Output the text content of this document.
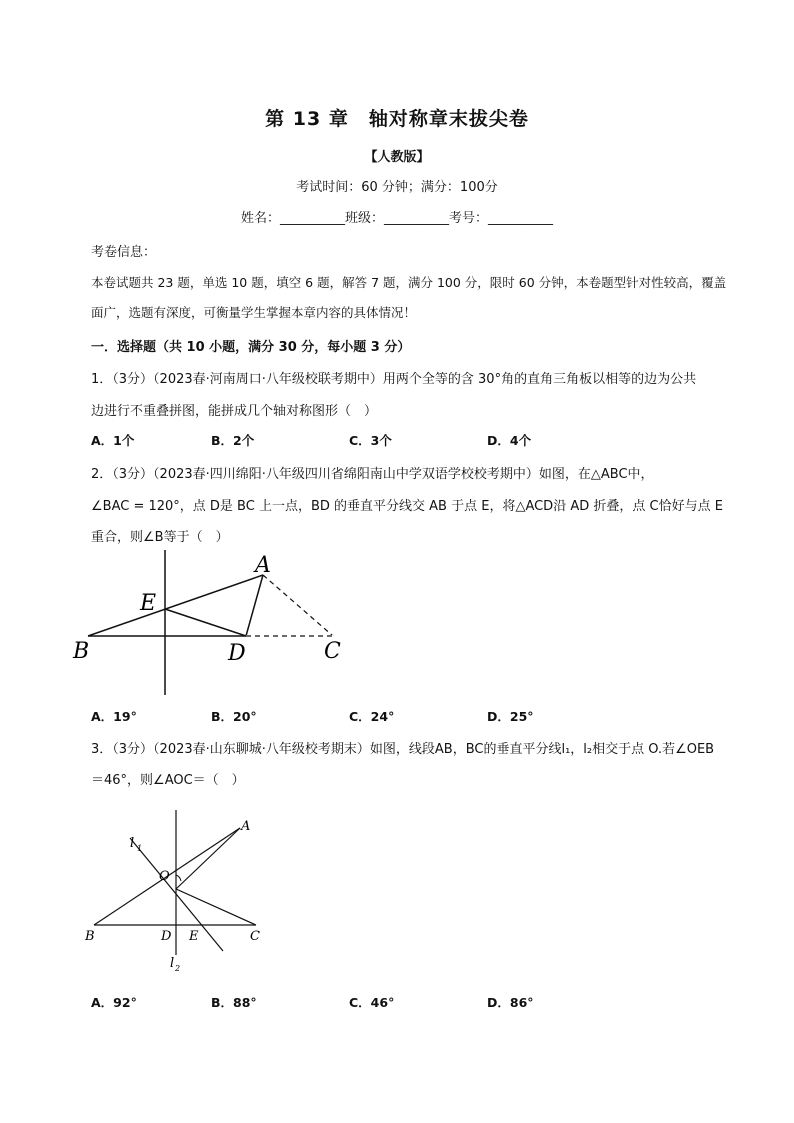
第 13 章　轴对称章末拔尖卷
【人教版】
考试时间：60 分钟；满分：100分
姓名：__________班级：__________考号：__________
考卷信息：
本卷试题共 23 题，单选 10 题，填空 6 题，解答 7 题，满分 100 分，限时 60 分钟，本卷题型针对性较高，覆盖
面广，选题有深度，可衡量学生掌握本章内容的具体情况！
一．选择题（共 10 小题，满分 30 分，每小题 3 分）
1．（3分）（2023春·河南周口·八年级校联考期中）用两个全等的含 30°角的直角三角板以相等的边为公共
边进行不重叠拼图，能拼成几个轴对称图形（　）
A．1个	B．2个	C．3个	D．4个
2．（3分）（2023春·四川绵阳·八年级四川省绵阳南山中学双语学校校考期中）如图，在△ABC中，
∠BAC = 120°，点 D是 BC 上一点，BD 的垂直平分线交 AB 于点 E，将△ACD沿 AD 折叠，点 C恰好与点 E
重合，则∠B等于（　）
A
E
B	D	C
A．19°	B．20°	C．24°	D．25°
3．（3分）（2023春·山东聊城·八年级校考期末）如图，线段AB，BC的垂直平分线l₁，l₂相交于点 O.若∠OEB
＝46°，则∠AOC＝（　）
A
l 1
O
B	D E	C
l 2
A．92°	B．88°	C．46°	D．86°
